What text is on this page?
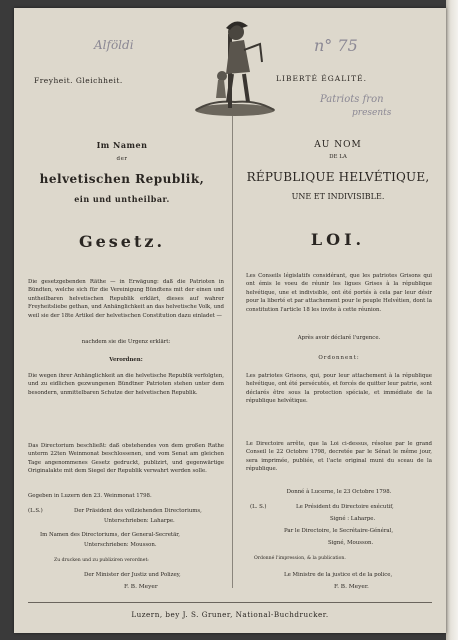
Alföldi	n° 75
Patriots fron
presents
Freyheit. Gleichheit.	LIBERTÉ ÉGALITÉ.
Im Namen
der
helvetischen Republik,
ein und untheilbar.
Gesetz.
AU NOM
DE LA
RÉPUBLIQUE HELVÉTIQUE,
UNE ET INDIVISIBLE.
LOI.
Die gesetzgebenden Räthe — in Erwägung: daß die Patrioten in Bündten, welche sich für die Vereinigung Bündtens mit der einen und untheilbaren helvetischen Republik erklärt, dieses auf wahrer Freyheitsliebe gethan, und Anhänglichkeit an das helvetische Volk, und weil sie der 18te Artikel der helvetischen Constitution dazu einladet —
nachdem sie die Urgenz erklärt:
Verordnen:
Die wegen ihrer Anhänglichkeit an die helvetische Republik verfolgten, und zu eidlichen gezwungenen Bündtner Patrioten stehen unter dem besondern, unmittelbaren Schutze der helvetischen Republik.
Das Directorium beschließt: daß obstehendes von dem großen Rathe unterm 22ten Weinmonat beschlossenen, und vom Senat am gleichen Tage angenommenes Gesetz gedruckt, publizirt, und gegenwärtige Originalakte mit dem Siegel der Republik verwahrt werden solle.
Gegeben in Luzern den 23. Weinmonat 1798.
(L.S.)	Der Präsident des vollziehenden Directoriums,
Unterschrieben: Laharpe.
Im Namen des Directoriums, der General-Secretär,
Unterschrieben: Mousson.
Zu drucken und zu publiziren verordnet:
Der Minister der Justiz und Polizey,
F. B. Meyer
Les Conseils législatifs considérant, que les patriotes Grisons qui ont émis le voeu de réunir les ligues Grises à la république helvétique, une et indivisible, ont été portés à cela par leur désir pour la liberté et par attachement pour le peuple Helvétien, dont la constitution l'article 18 les invite à cette réunion.
Après avoir déclaré l'urgence.
Ordonnent:
Les patriotes Grisons, qui, pour leur attachement à la république helvétique, ont été persécutés, et forcés de quitter leur patrie, sont déclarés être sous la protection spéciale, et immédiate de la république helvétique.
Le Directoire arrête, que la Loi ci-dessus, résolue par le grand Conseil le 22 Octobre 1798, decretée par le Sénat le même jour, sera imprimée, publiée, et l'acte original muni du sceau de la république.
Donné à Lucerne, le 23 Octobre 1798.
(L. S.)	Le Président du Directoire exécutif,
Signé : Laharpe.
Par le Directoire, le Secrétaire-Général,
Signé, Mousson.
Ordonné l'impression, & la publication.
Le Ministre de la justice et de la police,
F. B. Meyer.
Luzern, bey J. S. Gruner, National-Buchdrucker.
